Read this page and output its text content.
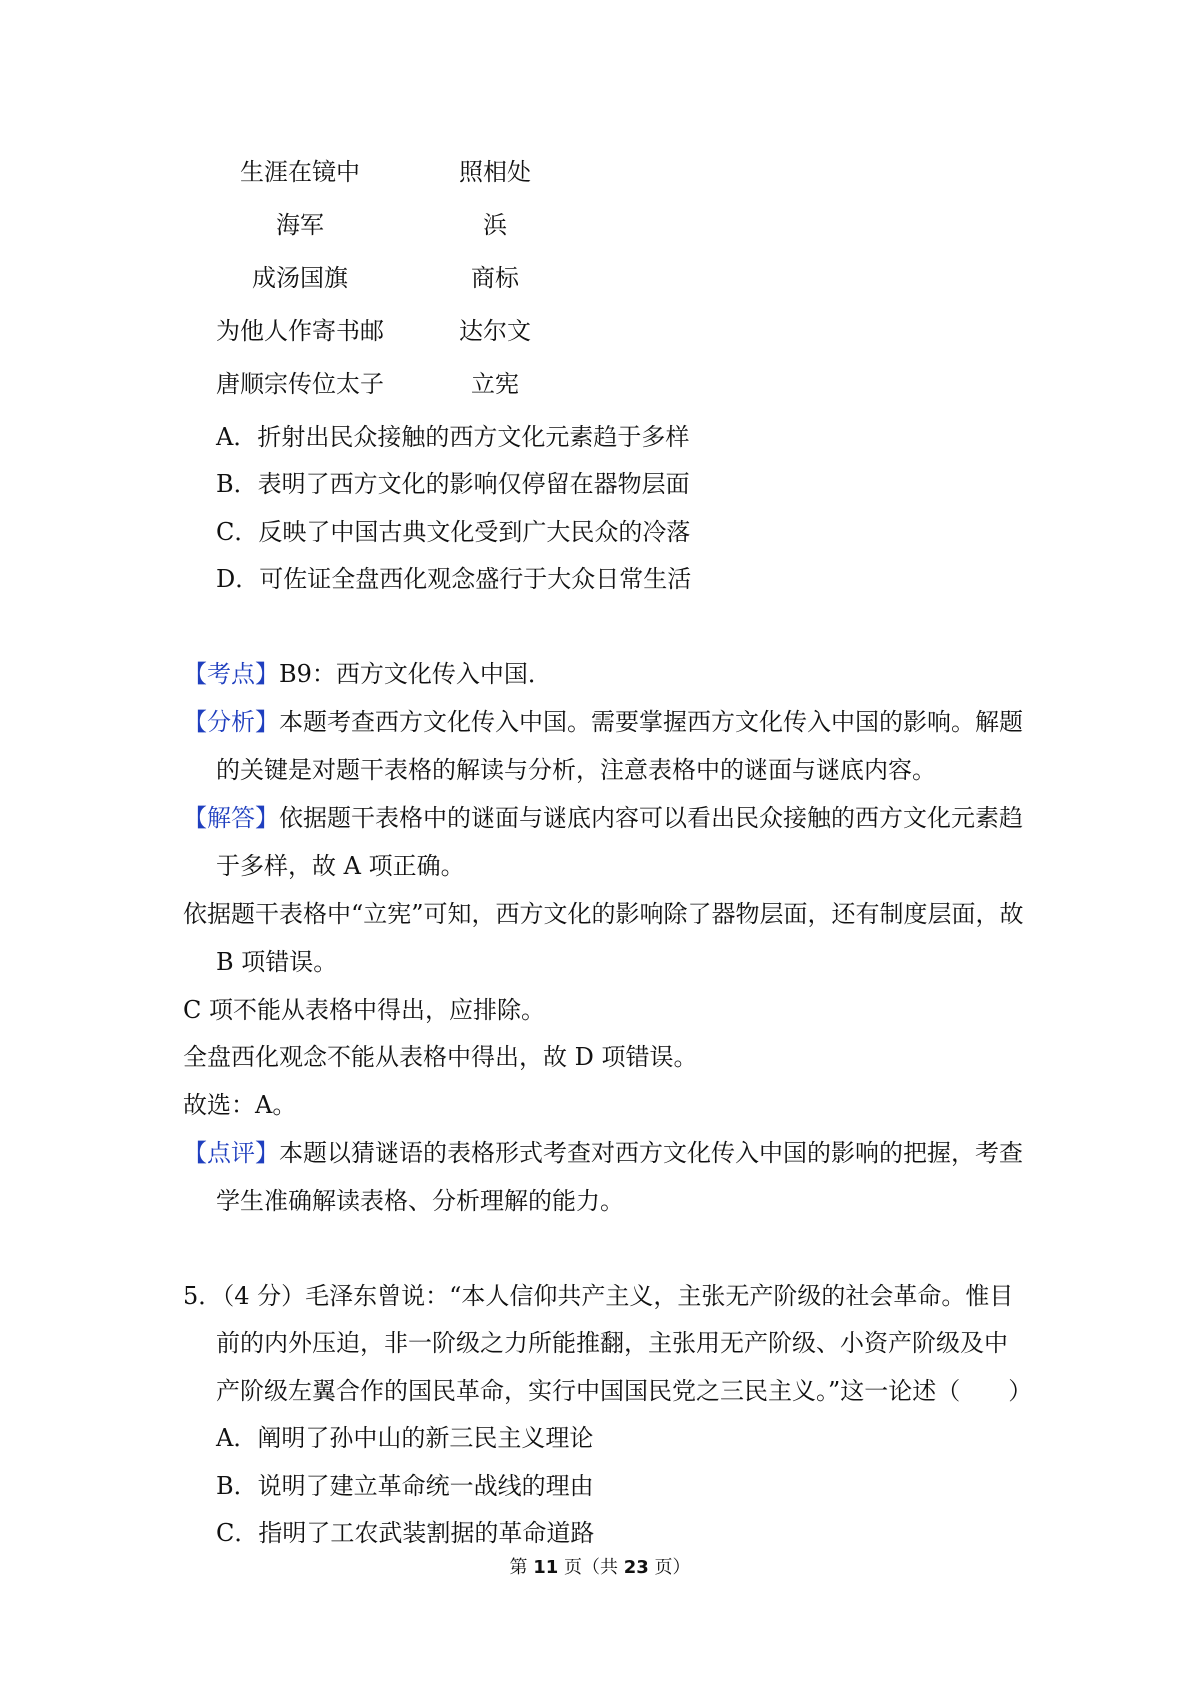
生涯在镜中	照相处
海军	浜
成汤国旗	商标
为他人作寄书邮	达尔文
唐顺宗传位太子	立宪
A．折射出民众接触的西方文化元素趋于多样
B．表明了西方文化的影响仅停留在器物层面
C．反映了中国古典文化受到广大民众的冷落
D．可佐证全盘西化观念盛行于大众日常生活
【考点】B9：西方文化传入中国．
【分析】本题考查西方文化传入中国。需要掌握西方文化传入中国的影响。解题
的关键是对题干表格的解读与分析，注意表格中的谜面与谜底内容。
【解答】依据题干表格中的谜面与谜底内容可以看出民众接触的西方文化元素趋
于多样，故 A 项正确。
依据题干表格中“立宪”可知，西方文化的影响除了器物层面，还有制度层面，故
B 项错误。
C 项不能从表格中得出，应排除。
全盘西化观念不能从表格中得出，故 D 项错误。
故选：A。
【点评】本题以猜谜语的表格形式考查对西方文化传入中国的影响的把握，考查
学生准确解读表格、分析理解的能力。
5．（4 分）毛泽东曾说：“本人信仰共产主义，主张无产阶级的社会革命。惟目
前的内外压迫，非一阶级之力所能推翻，主张用无产阶级、小资产阶级及中
产阶级左翼合作的国民革命，实行中国国民党之三民主义。”这一论述（　　）
A．阐明了孙中山的新三民主义理论
B．说明了建立革命统一战线的理由
C．指明了工农武装割据的革命道路
第 11 页（共 23 页）
